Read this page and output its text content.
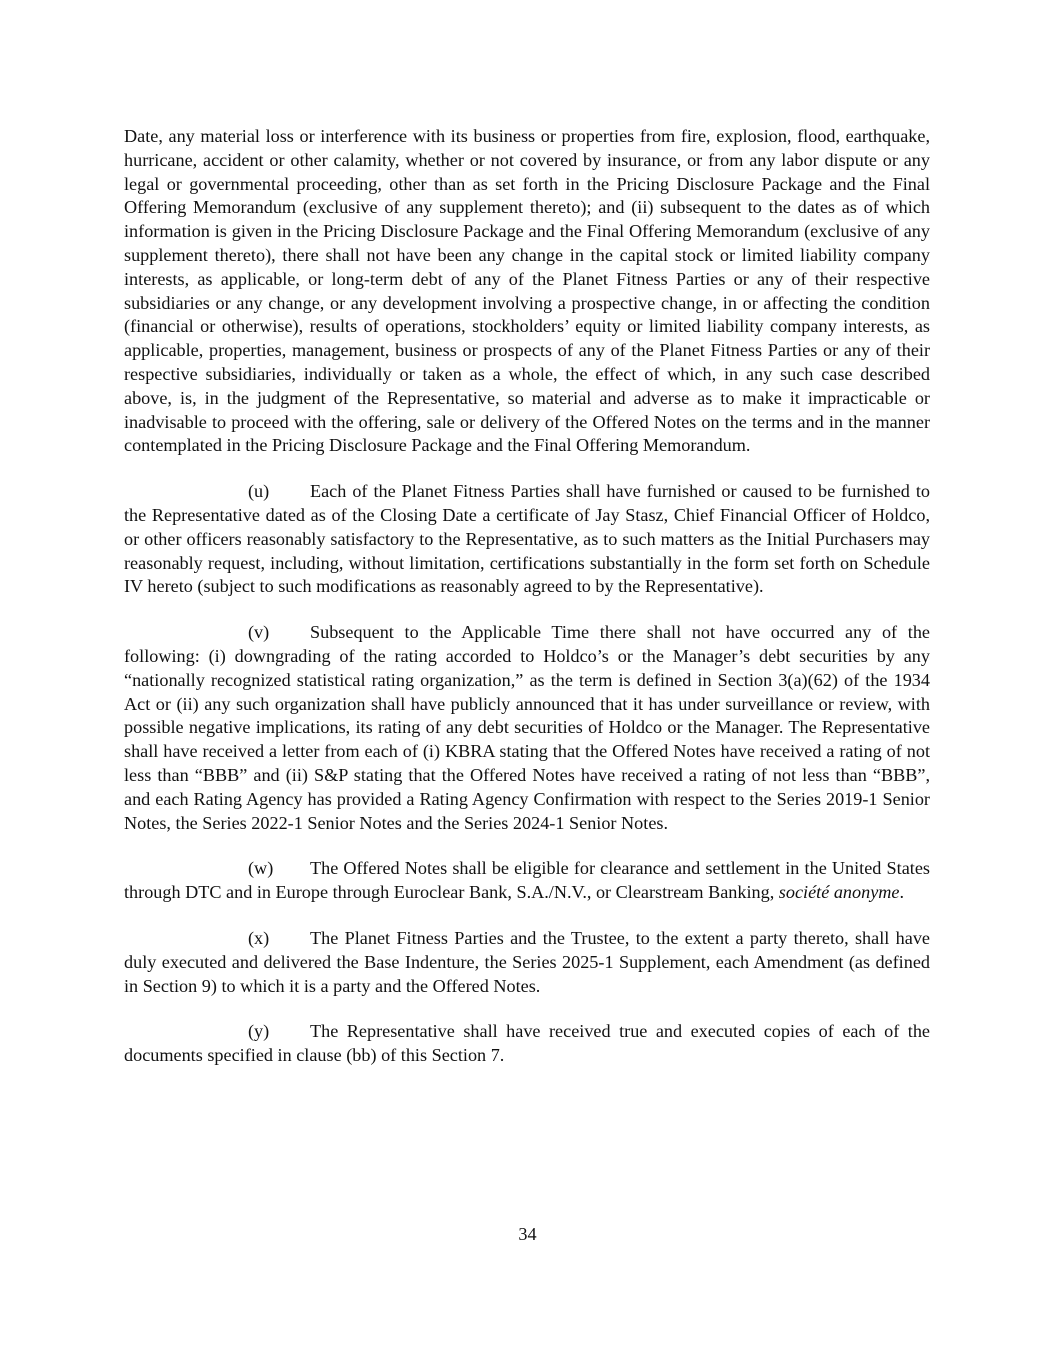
Date, any material loss or interference with its business or properties from fire, explosion, flood, earthquake, hurricane, accident or other calamity, whether or not covered by insurance, or from any labor dispute or any legal or governmental proceeding, other than as set forth in the Pricing Disclosure Package and the Final Offering Memorandum (exclusive of any supplement thereto); and (ii) subsequent to the dates as of which information is given in the Pricing Disclosure Package and the Final Offering Memorandum (exclusive of any supplement thereto), there shall not have been any change in the capital stock or limited liability company interests, as applicable, or long-term debt of any of the Planet Fitness Parties or any of their respective subsidiaries or any change, or any development involving a prospective change, in or affecting the condition (financial or otherwise), results of operations, stockholders’ equity or limited liability company interests, as applicable, properties, management, business or prospects of any of the Planet Fitness Parties or any of their respective subsidiaries, individually or taken as a whole, the effect of which, in any such case described above, is, in the judgment of the Representative, so material and adverse as to make it impracticable or inadvisable to proceed with the offering, sale or delivery of the Offered Notes on the terms and in the manner contemplated in the Pricing Disclosure Package and the Final Offering Memorandum.

(u) Each of the Planet Fitness Parties shall have furnished or caused to be furnished to the Representative dated as of the Closing Date a certificate of Jay Stasz, Chief Financial Officer of Holdco, or other officers reasonably satisfactory to the Representative, as to such matters as the Initial Purchasers may reasonably request, including, without limitation, certifications substantially in the form set forth on Schedule IV hereto (subject to such modifications as reasonably agreed to by the Representative).

(v) Subsequent to the Applicable Time there shall not have occurred any of the following: (i) downgrading of the rating accorded to Holdco’s or the Manager’s debt securities by any “nationally recognized statistical rating organization,” as the term is defined in Section 3(a)(62) of the 1934 Act or (ii) any such organization shall have publicly announced that it has under surveillance or review, with possible negative implications, its rating of any debt securities of Holdco or the Manager. The Representative shall have received a letter from each of (i) KBRA stating that the Offered Notes have received a rating of not less than “BBB” and (ii) S&P stating that the Offered Notes have received a rating of not less than “BBB”, and each Rating Agency has provided a Rating Agency Confirmation with respect to the Series 2019-1 Senior Notes, the Series 2022-1 Senior Notes and the Series 2024-1 Senior Notes.

(w) The Offered Notes shall be eligible for clearance and settlement in the United States through DTC and in Europe through Euroclear Bank, S.A./N.V., or Clearstream Banking, société anonyme.

(x) The Planet Fitness Parties and the Trustee, to the extent a party thereto, shall have duly executed and delivered the Base Indenture, the Series 2025-1 Supplement, each Amendment (as defined in Section 9) to which it is a party and the Offered Notes.

(y) The Representative shall have received true and executed copies of each of the documents specified in clause (bb) of this Section 7.

34
